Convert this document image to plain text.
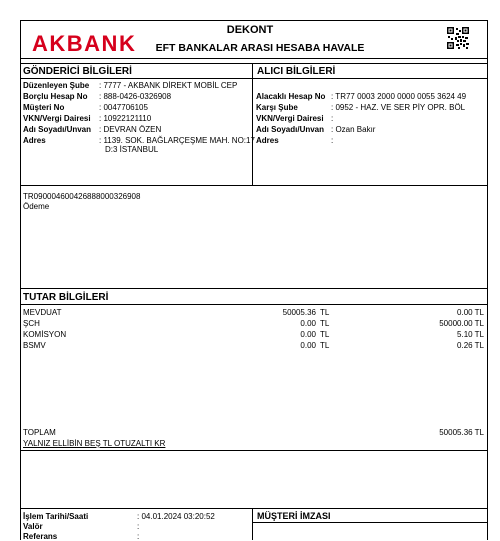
AKBANK
DEKONT
EFT BANKALAR ARASI HESABA HAVALE
GÖNDERİCİ BİLGİLERİ
Düzenleyen Şube : 7777 - AKBANK DİREKT MOBİL CEP
Borçlu Hesap No : 888-0426-0326908
Müşteri No	: 0047706105
VKN/Vergi Dairesi : 10922121110
Adı Soyadı/Unvan : DEVRAN ÖZEN
Adres	: 1139. SOK. BAĞLARÇEŞME MAH. NO:17
D:3 İSTANBUL
ALICI BİLGİLERİ
Alacaklı Hesap No : TR77 0003 2000 0000 0055 3624 49
Karşı Şube	: 0952 - HAZ. VE SER PİY OPR. BÖL
VKN/Vergi Dairesi :
Adı Soyadı/Unvan : Ozan Bakır
Adres	:
TR090004600426888000326908
Ödeme
TUTAR BİLGİLERİ
MEVDUAT	50005.36 TL	0.00 TL
ŞCH	0.00 TL	50000.00 TL
KOMİSYON	0.00 TL	5.10 TL
BSMV	0.00 TL	0.26 TL
TOPLAM	50005.36 TL
YALNIZ ELLİBİN BEŞ TL OTUZALTI KR
İşlem Tarihi/Saati	: 04.01.2024 03:20:52
Valör	:
Referans	:
MÜŞTERİ İMZASI
